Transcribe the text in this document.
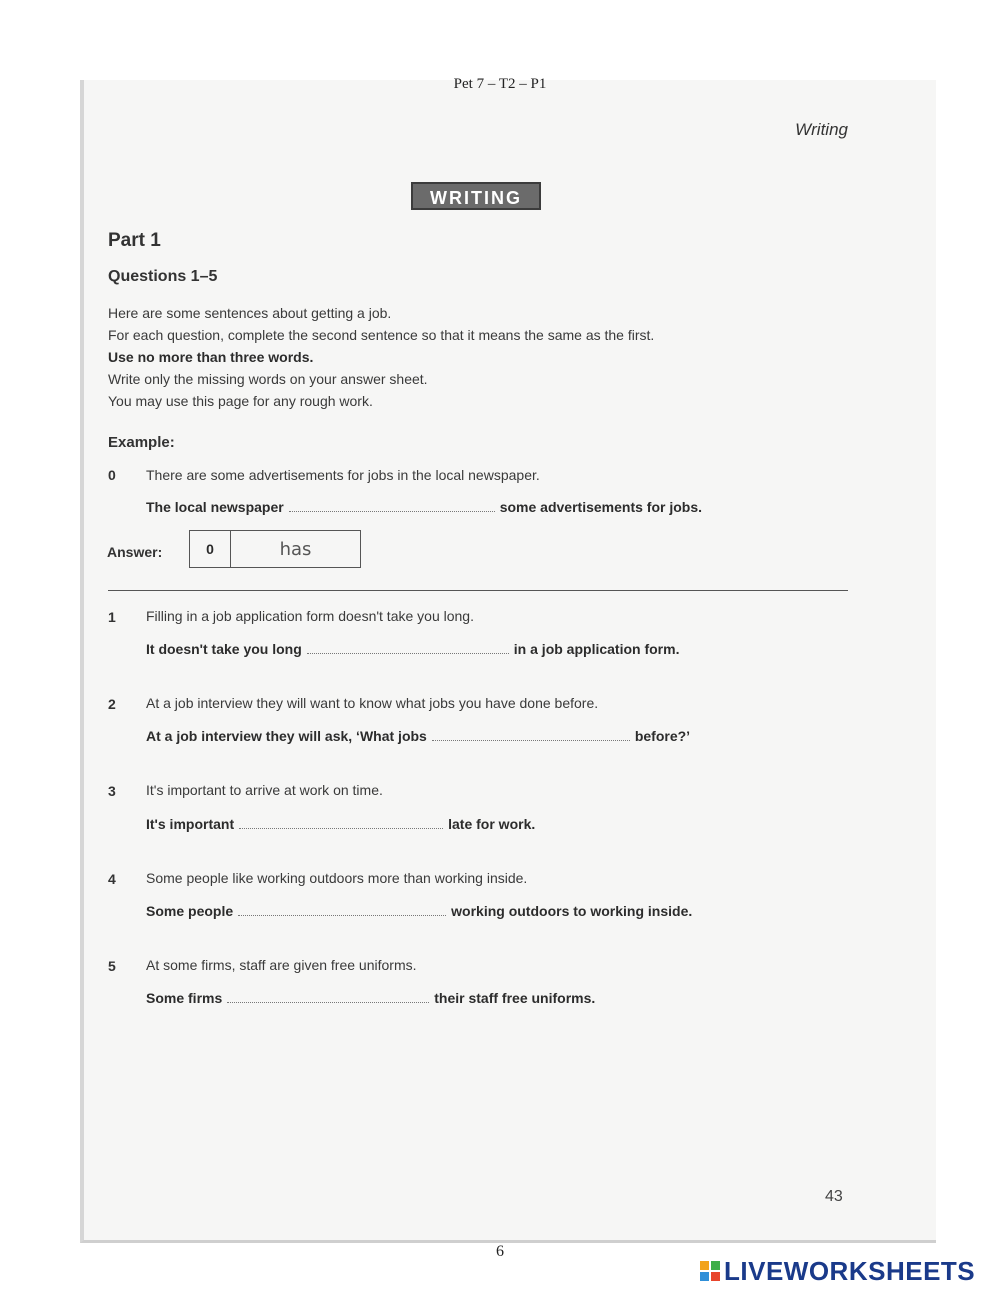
Pet 7 – T2 – P1
Writing
WRITING
Part 1
Questions 1–5
Here are some sentences about getting a job.
For each question, complete the second sentence so that it means the same as the first.
Use no more than three words.
Write only the missing words on your answer sheet.
You may use this page for any rough work.
Example:
0 There are some advertisements for jobs in the local newspaper.
The local newspaper	some advertisements for jobs.
Answer:	0	has
1 Filling in a job application form doesn't take you long.
It doesn't take you long	in a job application form.
2 At a job interview they will want to know what jobs you have done before.
At a job interview they will ask, ‘What jobs	before?’
3 It's important to arrive at work on time.
It's important	late for work.
4 Some people like working outdoors more than working inside.
Some people	working outdoors to working inside.
5 At some firms, staff are given free uniforms.
Some firms	their staff free uniforms.
43
6
LIVEWORKSHEETS
